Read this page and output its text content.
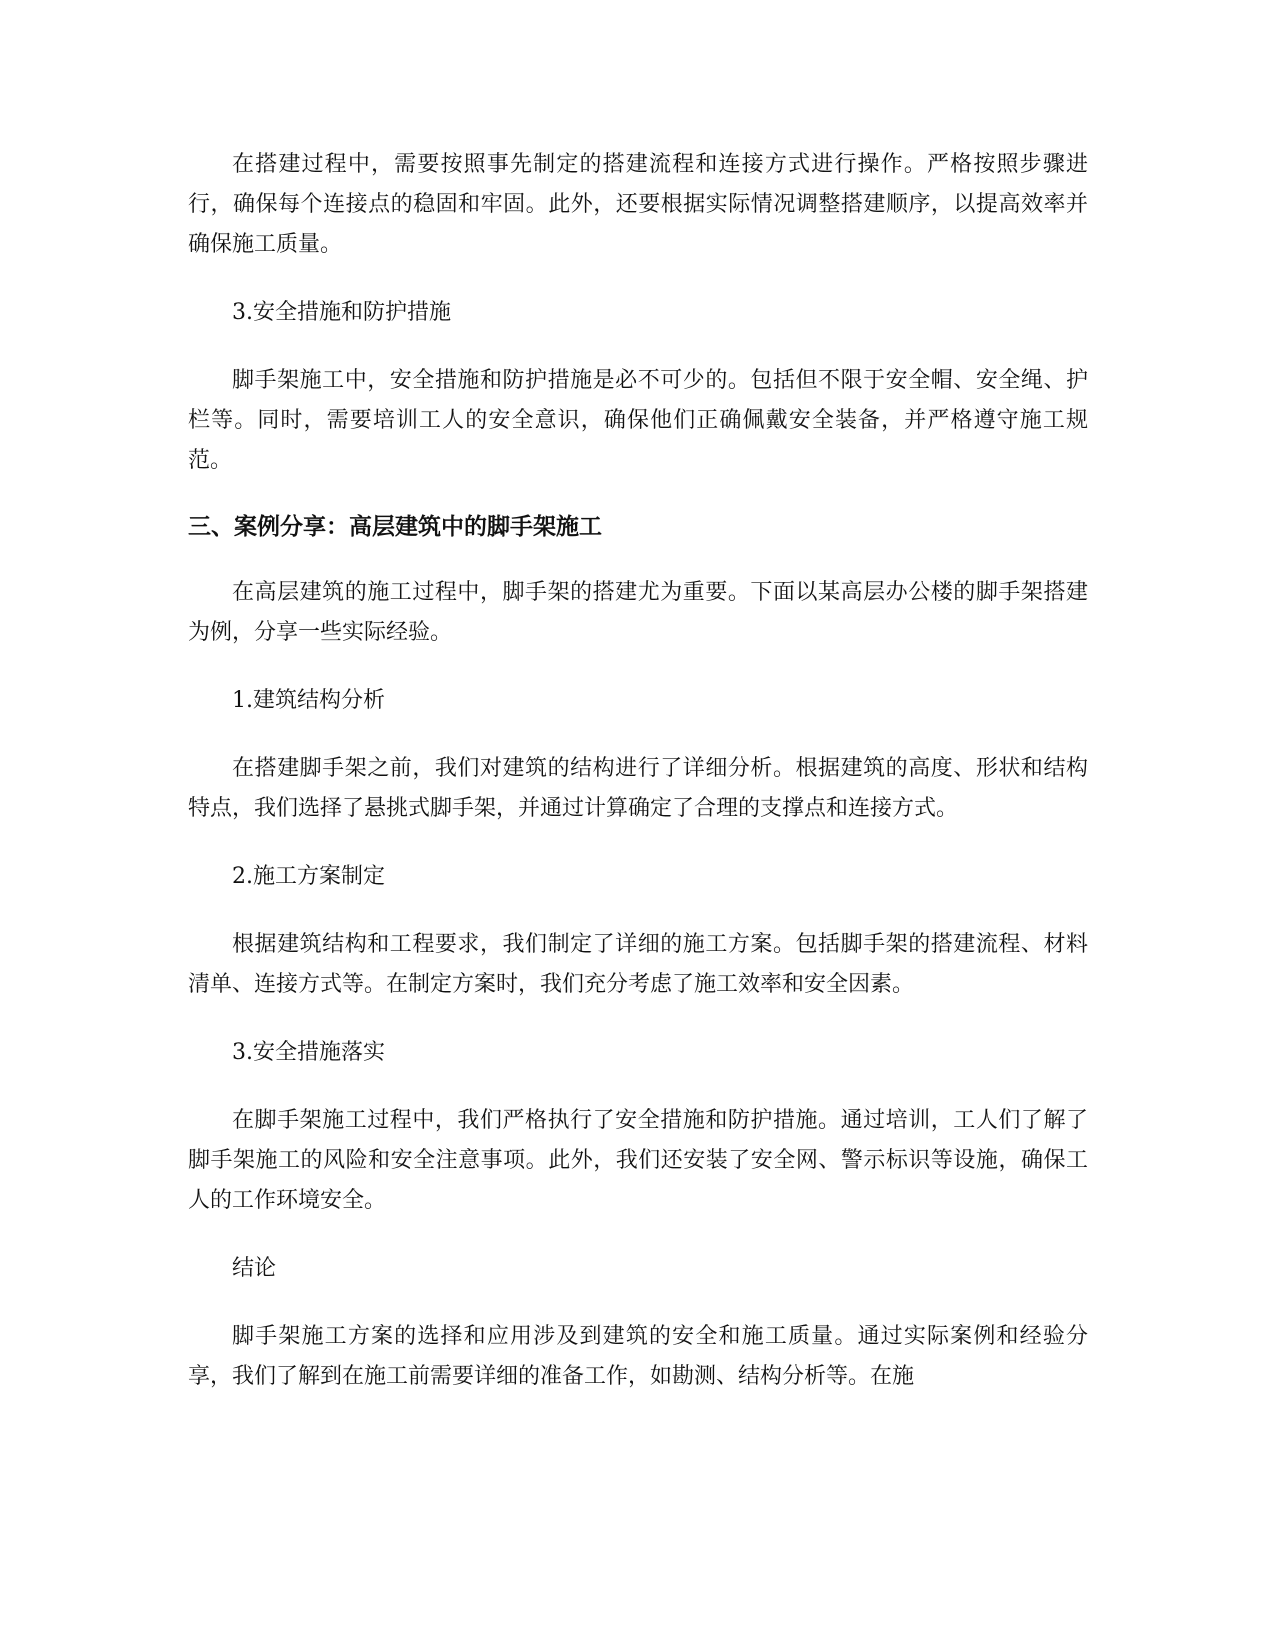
在搭建过程中，需要按照事先制定的搭建流程和连接方式进行操作。严格按照步骤进行，确保每个连接点的稳固和牢固。此外，还要根据实际情况调整搭建顺序，以提高效率并确保施工质量。

3.安全措施和防护措施

脚手架施工中，安全措施和防护措施是必不可少的。包括但不限于安全帽、安全绳、护栏等。同时，需要培训工人的安全意识，确保他们正确佩戴安全装备，并严格遵守施工规范。

三、案例分享：高层建筑中的脚手架施工

在高层建筑的施工过程中，脚手架的搭建尤为重要。下面以某高层办公楼的脚手架搭建为例，分享一些实际经验。

1.建筑结构分析

在搭建脚手架之前，我们对建筑的结构进行了详细分析。根据建筑的高度、形状和结构特点，我们选择了悬挑式脚手架，并通过计算确定了合理的支撑点和连接方式。

2.施工方案制定

根据建筑结构和工程要求，我们制定了详细的施工方案。包括脚手架的搭建流程、材料清单、连接方式等。在制定方案时，我们充分考虑了施工效率和安全因素。

3.安全措施落实

在脚手架施工过程中，我们严格执行了安全措施和防护措施。通过培训，工人们了解了脚手架施工的风险和安全注意事项。此外，我们还安装了安全网、警示标识等设施，确保工人的工作环境安全。

结论

脚手架施工方案的选择和应用涉及到建筑的安全和施工质量。通过实际案例和经验分享，我们了解到在施工前需要详细的准备工作，如勘测、结构分析等。在施
